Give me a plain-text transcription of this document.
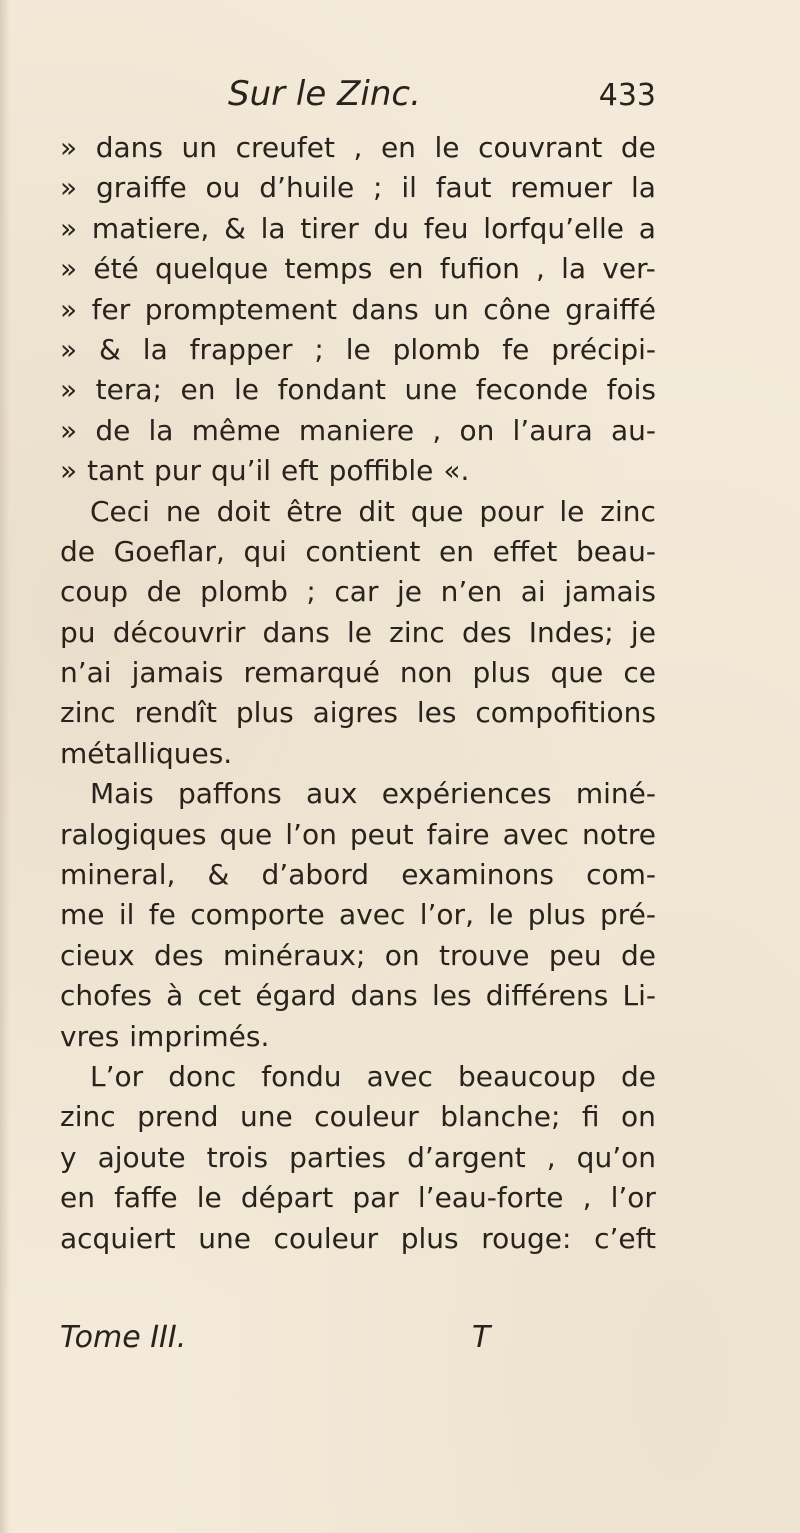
Sur le Zinc.	433
» dans un creufet , en le couvrant de
» graiffe ou d’huile ; il faut remuer la
» matiere, & la tirer du feu lorfqu’elle a
» été quelque temps en fufion , la ver-
» fer promptement dans un cône graiffé
» & la frapper ; le plomb fe précipi-
» tera; en le fondant une feconde fois
» de la même maniere , on l’aura au-
» tant pur qu’il eft poffible «.
Ceci ne doit être dit que pour le zinc
de Goeflar, qui contient en effet beau-
coup de plomb ; car je n’en ai jamais
pu découvrir dans le zinc des Indes; je
n’ai jamais remarqué non plus que ce
zinc rendît plus aigres les compofitions
métalliques.
Mais paffons aux expériences miné-
ralogiques que l’on peut faire avec notre
mineral, & d’abord examinons com-
me il fe comporte avec l’or, le plus pré-
cieux des minéraux; on trouve peu de
chofes à cet égard dans les différens Li-
vres imprimés.
L’or donc fondu avec beaucoup de
zinc prend une couleur blanche; fi on
y ajoute trois parties d’argent , qu’on
en faffe le départ par l’eau-forte , l’or
acquiert une couleur plus rouge: c’eft
Tome III.	T
